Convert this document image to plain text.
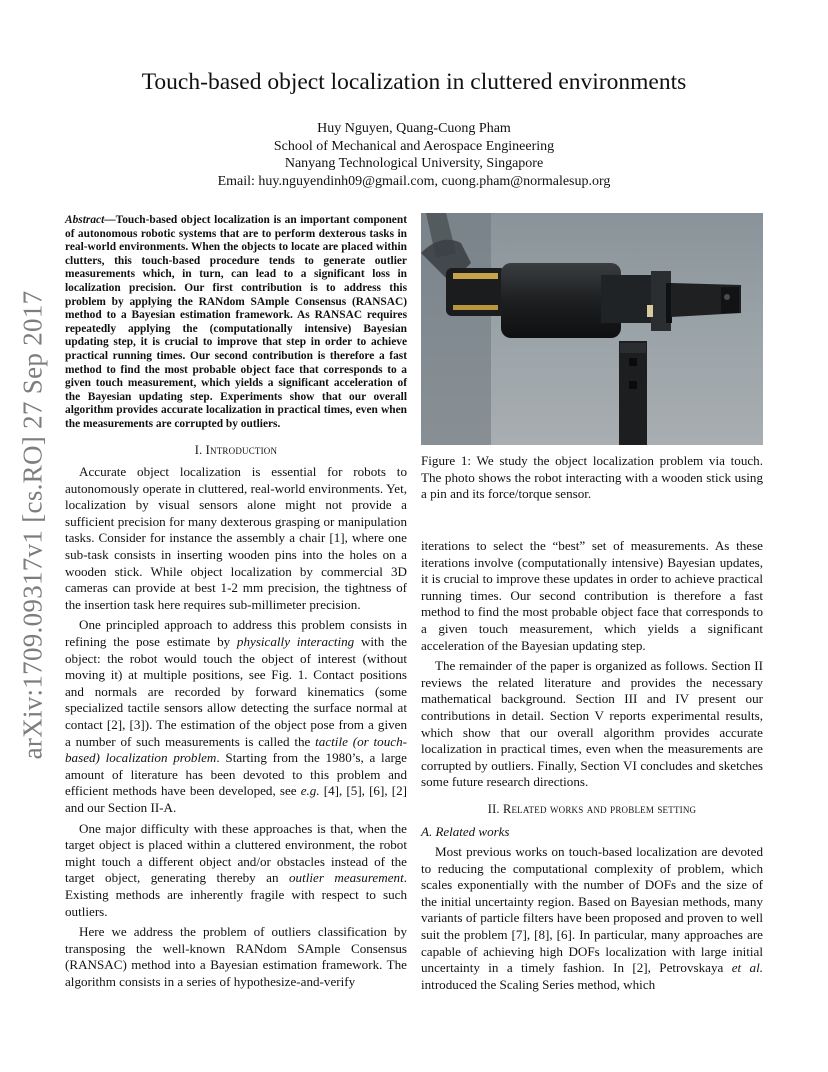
arXiv:1709.09317v1 [cs.RO] 27 Sep 2017
Touch-based object localization in cluttered environments
Huy Nguyen, Quang-Cuong Pham
School of Mechanical and Aerospace Engineering
Nanyang Technological University, Singapore
Email: huy.nguyendinh09@gmail.com, cuong.pham@normalesup.org

Abstract—Touch-based object localization is an important component of autonomous robotic systems that are to perform dexterous tasks in real-world environments. When the objects to locate are placed within clutters, this touch-based procedure tends to generate outlier measurements which, in turn, can lead to a significant loss in localization precision. Our first contribution is to address this problem by applying the RANdom SAmple Consensus (RANSAC) method to a Bayesian estimation framework. As RANSAC requires repeatedly applying the (computationally intensive) Bayesian updating step, it is crucial to improve that step in order to achieve practical running times. Our second contribution is therefore a fast method to find the most probable object face that corresponds to a given touch measurement, which yields a significant acceleration of the Bayesian updating step. Experiments show that our overall algorithm provides accurate localization in practical times, even when the measurements are corrupted by outliers.

I. Introduction

Accurate object localization is essential for robots to autonomously operate in cluttered, real-world environments. Yet, localization by visual sensors alone might not provide a sufficient precision for many dexterous grasping or manipulation tasks. Consider for instance the assembly a chair [1], where one sub-task consists in inserting wooden pins into the holes on a wooden stick. While object localization by commercial 3D cameras can provide at best 1-2 mm precision, the tightness of the insertion task here requires sub-millimeter precision.

One principled approach to address this problem consists in refining the pose estimate by physically interacting with the object: the robot would touch the object of interest (without moving it) at multiple positions, see Fig. 1. Contact positions and normals are recorded by forward kinematics (some specialized tactile sensors allow detecting the surface normal at contact [2], [3]). The estimation of the object pose from a given a number of such measurements is called the tactile (or touch-based) localization problem. Starting from the 1980’s, a large amount of literature has been devoted to this problem and efficient methods have been developed, see e.g. [4], [5], [6], [2] and our Section II-A.

One major difficulty with these approaches is that, when the target object is placed within a cluttered environment, the robot might touch a different object and/or obstacles instead of the target object, generating thereby an outlier measurement. Existing methods are inherently fragile with respect to such outliers.

Here we address the problem of outliers classification by transposing the well-known RANdom SAmple Consensus (RANSAC) method into a Bayesian estimation framework. The algorithm consists in a series of hypothesize-and-verify

Figure 1: We study the object localization problem via touch. The photo shows the robot interacting with a wooden stick using a pin and its force/torque sensor.

iterations to select the “best” set of measurements. As these iterations involve (computationally intensive) Bayesian updates, it is crucial to improve these updates in order to achieve practical running times. Our second contribution is therefore a fast method to find the most probable object face that corresponds to a given touch measurement, which yields a significant acceleration of the Bayesian updating step.

The remainder of the paper is organized as follows. Section II reviews the related literature and provides the necessary mathematical background. Section III and IV present our contributions in detail. Section V reports experimental results, which show that our overall algorithm provides accurate localization in practical times, even when the measurements are corrupted by outliers. Finally, Section VI concludes and sketches some future research directions.

II. Related works and problem setting
A. Related works

Most previous works on touch-based localization are devoted to reducing the computational complexity of problem, which scales exponentially with the number of DOFs and the size of the initial uncertainty region. Based on Bayesian methods, many variants of particle filters have been proposed and proven to well suit the problem [7], [8], [6]. In particular, many approaches are capable of achieving high DOFs localization with large initial uncertainty in a timely fashion. In [2], Petrovskaya et al. introduced the Scaling Series method, which
